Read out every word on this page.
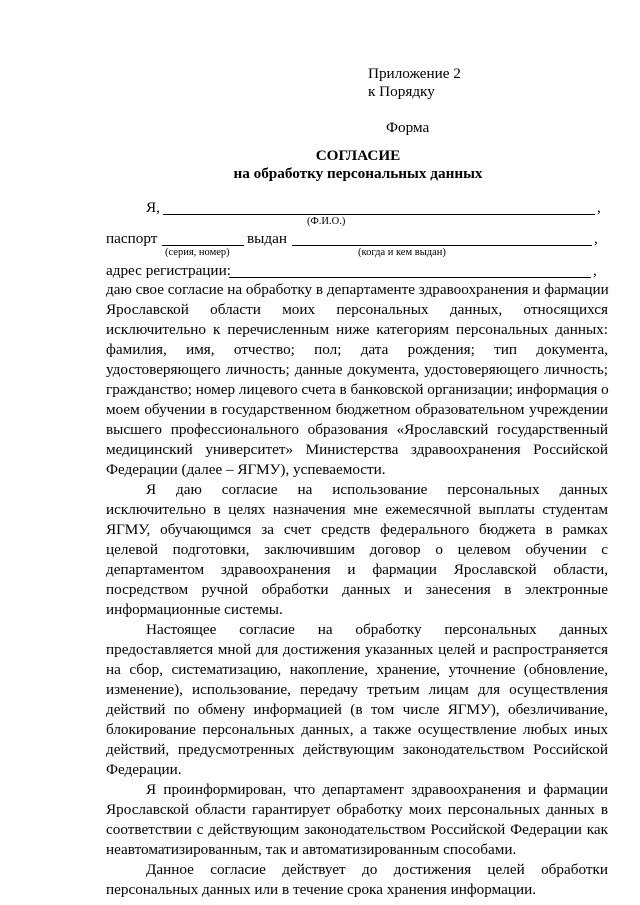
Приложение 2
к Порядку
Форма
СОГЛАСИЕ
на обработку персональных данных
Я,	,
(Ф.И.О.)
паспорт	выдан	,
(серия, номер)	(когда и кем выдан)
адрес регистрации:	,
даю свое согласие на обработку в департаменте здравоохранения и фармации
Ярославской области моих персональных данных, относящихся
исключительно к перечисленным ниже категориям персональных данных:
фамилия, имя, отчество; пол; дата рождения; тип документа,
удостоверяющего личность; данные документа, удостоверяющего личность;
гражданство; номер лицевого счета в банковской организации; информация о
моем обучении в государственном бюджетном образовательном учреждении
высшего профессионального образования «Ярославский государственный
медицинский университет» Министерства здравоохранения Российской
Федерации (далее – ЯГМУ), успеваемости.
Я даю согласие на использование персональных данных
исключительно в целях назначения мне ежемесячной выплаты студентам
ЯГМУ, обучающимся за счет средств федерального бюджета в рамках
целевой подготовки, заключившим договор о целевом обучении с
департаментом здравоохранения и фармации Ярославской области,
посредством ручной обработки данных и занесения в электронные
информационные системы.
Настоящее согласие на обработку персональных данных
предоставляется мной для достижения указанных целей и распространяется
на сбор, систематизацию, накопление, хранение, уточнение (обновление,
изменение), использование, передачу третьим лицам для осуществления
действий по обмену информацией (в том числе ЯГМУ), обезличивание,
блокирование персональных данных, а также осуществление любых иных
действий, предусмотренных действующим законодательством Российской
Федерации.
Я проинформирован, что департамент здравоохранения и фармации
Ярославской области гарантирует обработку моих персональных данных в
соответствии с действующим законодательством Российской Федерации как
неавтоматизированным, так и автоматизированным способами.
Данное согласие действует до достижения целей обработки
персональных данных или в течение срока хранения информации.
